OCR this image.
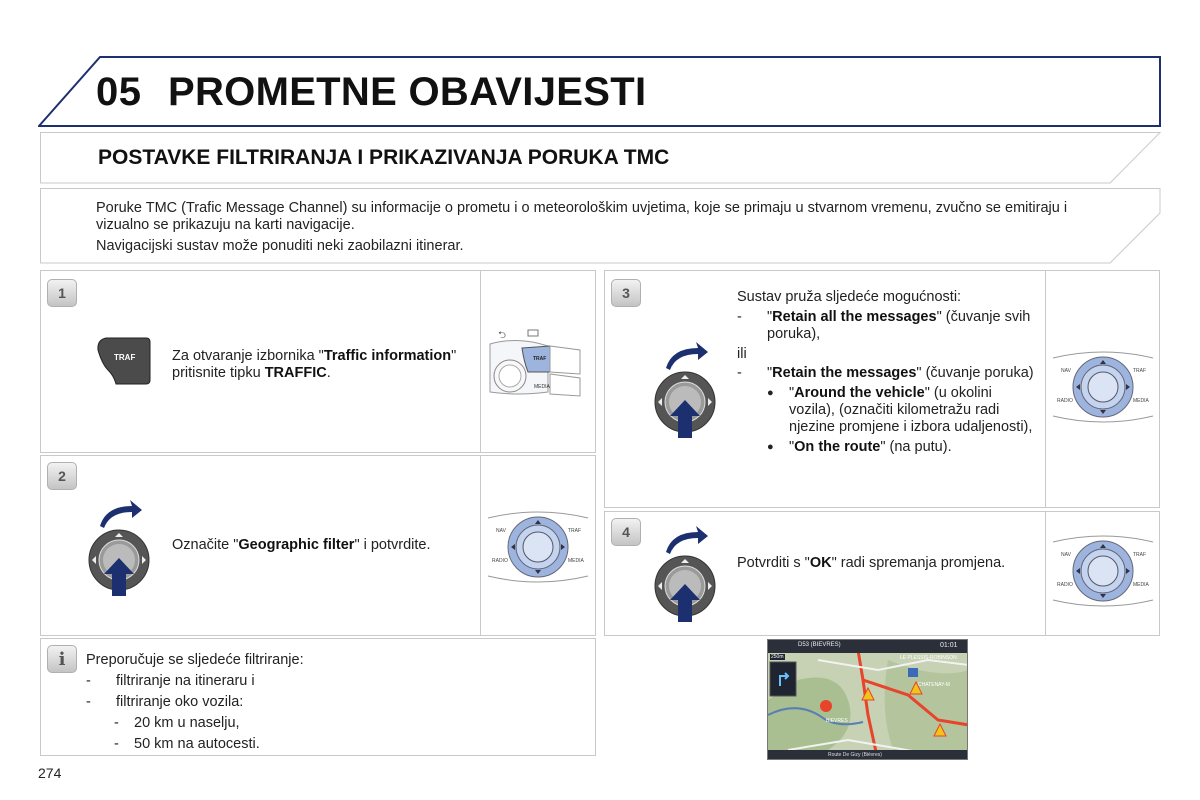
05 PROMETNE OBAVIJESTI
POSTAVKE FILTRIRANJA I PRIKAZIVANJA PORUKA TMC
Poruke TMC (Trafic Message Channel) su informacije o prometu i o meteorološkim uvjetima, koje se primaju u stvarnom vremenu, zvučno se emitiraju i vizualno se prikazuju na karti navigacije.
Navigacijski sustav može ponuditi neki zaobilazni itinerar.
1
TRAF	Za otvaranje izbornika "Traffic information" pritisnite tipku TRAFFIC.
⮌
TRAF
MEDIA
2
Označite "Geographic filter" i potvrdite.
NAV	TRAF
RADIO	MEDIA
3	Sustav pruža sljedeće mogućnosti:
- "Retain all the messages" (čuvanje svih poruka),
ili
- "Retain the messages" (čuvanje poruka)
● "Around the vehicle" (u okolini vozila), (označiti kilometražu radi njezine promjene i izbora udaljenosti),
● "On the route" (na putu).
NAV	TRAF
RADIO	MEDIA
4
Potvrditi s "OK" radi spremanja promjena.	NAV	TRAF
RADIO	MEDIA
i	Preporučuje se sljedeće filtriranje:
- filtriranje na itineraru i
- filtriranje oko vozila:
- 20 km u naselju,
- 50 km na autocesti.
D53 (BIEVRES)	01:01
250m	LE PLESSIS-ROBINSON
CHATENAY-M
BIEVRES
Route De Gizy (Bièvres)
274
